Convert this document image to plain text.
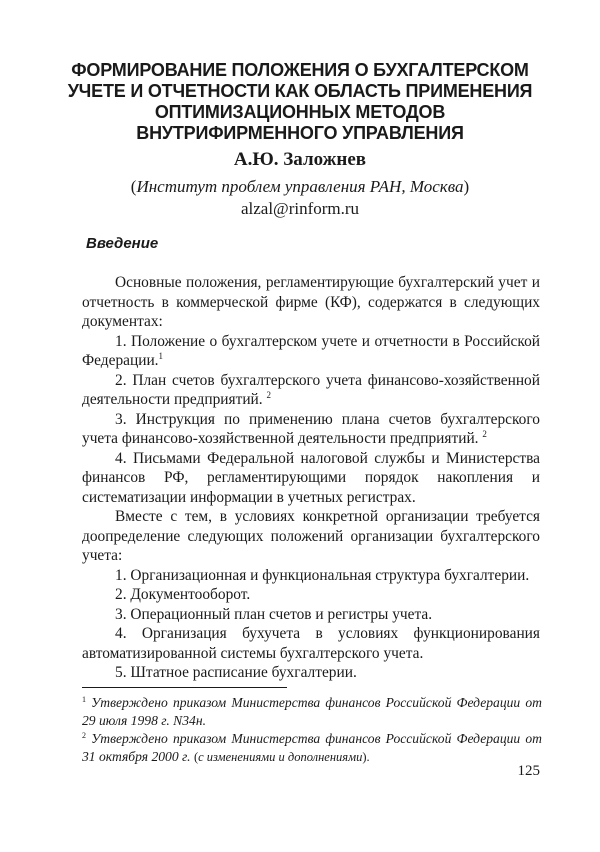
ФОРМИРОВАНИЕ ПОЛОЖЕНИЯ О БУХГАЛТЕРСКОМ
УЧЕТЕ И ОТЧЕТНОСТИ КАК ОБЛАСТЬ ПРИМЕНЕНИЯ
ОПТИМИЗАЦИОННЫХ МЕТОДОВ
ВНУТРИФИРМЕННОГО УПРАВЛЕНИЯ
А.Ю. Заложнев
(Институт проблем управления РАН, Москва)
alzal@rinform.ru
Введение

Основные положения, регламентирующие бухгалтерский учет и отчетность в коммерческой фирме (КФ), содержатся в следующих документах:

1. Положение о бухгалтерском учете и отчетности в Российской Федерации.$^1$

2. План счетов бухгалтерского учета финансово-хозяйственной деятельности предприятий. $^2$

3. Инструкция по применению плана счетов бухгалтерского учета финансово-хозяйственной деятельности предприятий. $^2$

4. Письмами Федеральной налоговой службы и Министерства финансов РФ, регламентирующими порядок накопления и систематизации информации в учетных регистрах.

Вместе с тем, в условиях конкретной организации требуется доопределение следующих положений организации бухгалтерского учета:

1. Организационная и функциональная структура бухгалтерии.

2. Документооборот.

3. Операционный план счетов и регистры учета.

4. Организация бухучета в условиях функционирования автоматизированной системы бухгалтерского учета.

5. Штатное расписание бухгалтерии.

$^1$ Утверждено приказом Министерства финансов Российской Федерации от 29 июля 1998 г. N34н.

$^2$ Утверждено приказом Министерства финансов Российской Федерации от 31 октября 2000 г. (с изменениями и дополнениями).

125
